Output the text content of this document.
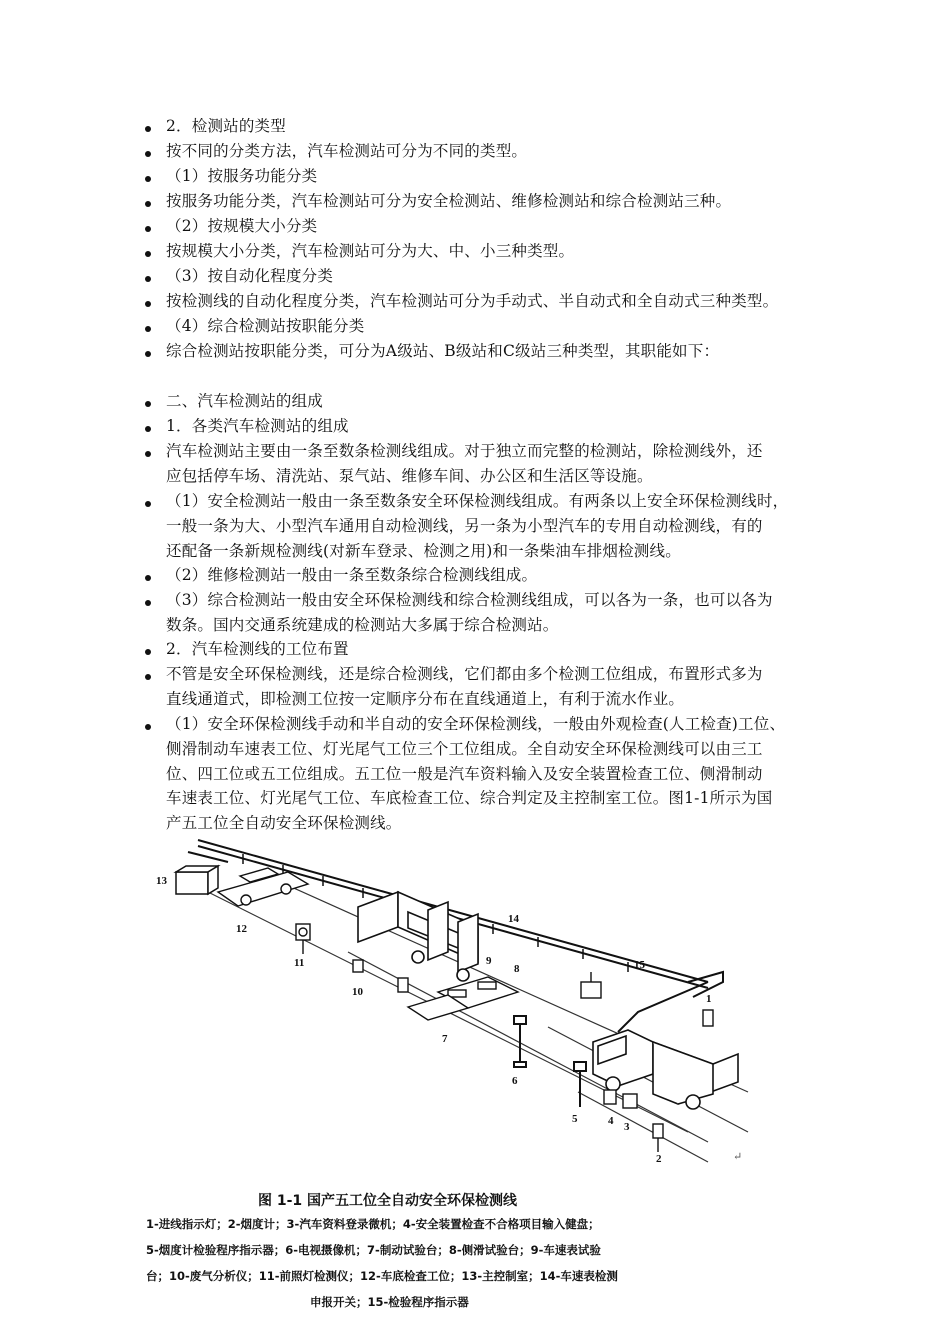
2．检测站的类型
按不同的分类方法，汽车检测站可分为不同的类型。
（1）按服务功能分类
按服务功能分类，汽车检测站可分为安全检测站、维修检测站和综合检测站三种。
（2）按规模大小分类
按规模大小分类，汽车检测站可分为大、中、小三种类型。
（3）按自动化程度分类
按检测线的自动化程度分类，汽车检测站可分为手动式、半自动式和全自动式三种类型。
（4）综合检测站按职能分类
综合检测站按职能分类，可分为A级站、B级站和C级站三种类型，其职能如下：
二、汽车检测站的组成
1．各类汽车检测站的组成
汽车检测站主要由一条至数条检测线组成。对于独立而完整的检测站，除检测线外，还
应包括停车场、清洗站、泵气站、维修车间、办公区和生活区等设施。
（1）安全检测站一般由一条至数条安全环保检测线组成。有两条以上安全环保检测线时，
一般一条为大、小型汽车通用自动检测线，另一条为小型汽车的专用自动检测线，有的
还配备一条新规检测线(对新车登录、检测之用)和一条柴油车排烟检测线。
（2）维修检测站一般由一条至数条综合检测线组成。
（3）综合检测站一般由安全环保检测线和综合检测线组成，可以各为一条，也可以各为
数条。国内交通系统建成的检测站大多属于综合检测站。
2．汽车检测线的工位布置
不管是安全环保检测线，还是综合检测线，它们都由多个检测工位组成，布置形式多为
直线通道式，即检测工位按一定顺序分布在直线通道上，有利于流水作业。
（1）安全环保检测线手动和半自动的安全环保检测线，一般由外观检查(人工检查)工位、
侧滑制动车速表工位、灯光尾气工位三个工位组成。全自动安全环保检测线可以由三工
位、四工位或五工位组成。五工位一般是汽车资料输入及安全装置检查工位、侧滑制动
车速表工位、灯光尾气工位、车底检查工位、综合判定及主控制室工位。图1-1所示为国
产五工位全自动安全环保检测线。
1
2
3
4
5
6
7
8
9
10
11
12
13
14
15
图 1-1 国产五工位全自动安全环保检测线
1-进线指示灯；2-烟度计；3-汽车资料登录微机；4-安全装置检查不合格项目输入健盘；
5-烟度计检验程序指示器；6-电视摄像机；7-制动试验台；8-侧滑试验台；9-车速表试验
台；10-废气分析仪；11-前照灯检测仪；12-车底检查工位；13-主控制室；14-车速表检测
申报开关；15-检验程序指示器
↵
